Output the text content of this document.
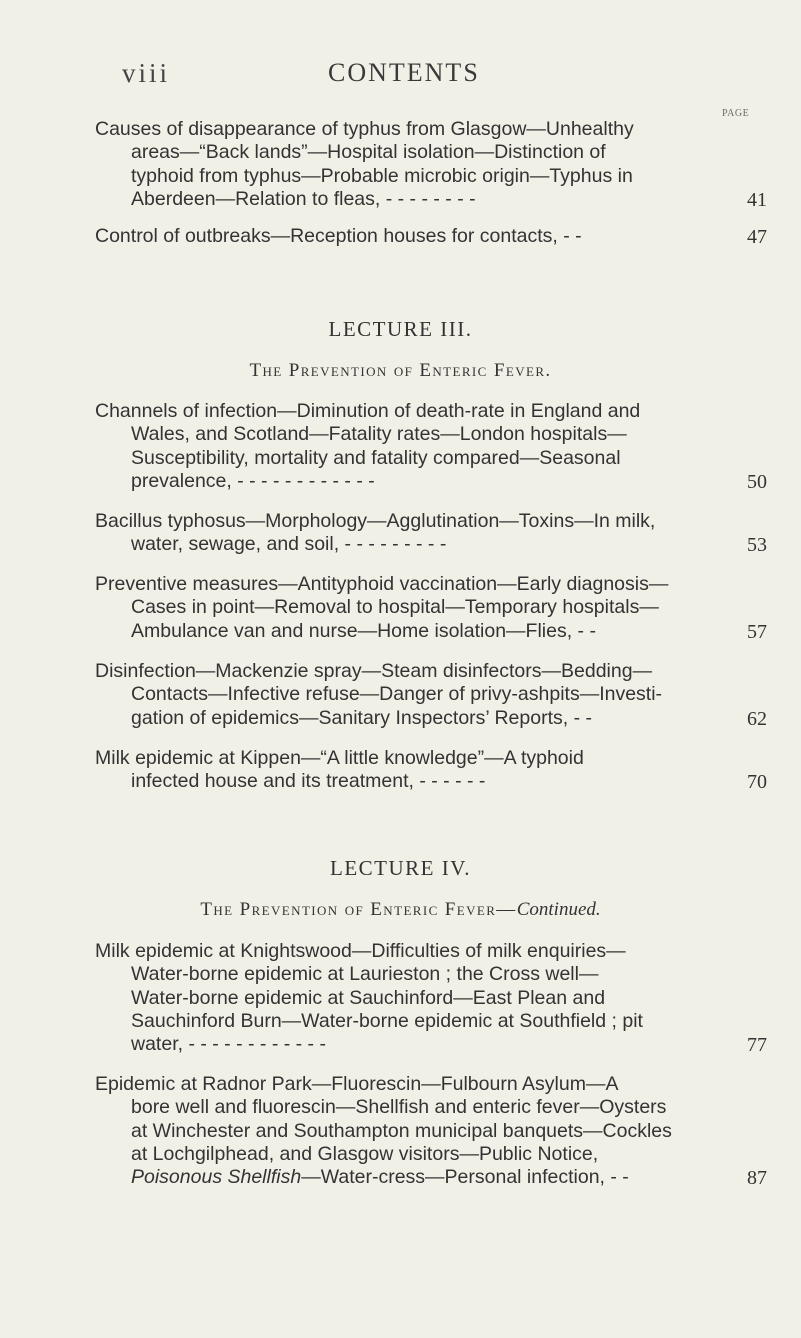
viii	CONTENTS
PAGE
Causes of disappearance of typhus from Glasgow—Unhealthy
areas—“Back lands”—Hospital isolation—Distinction of
typhoid from typhus—Probable microbic origin—Typhus in
Aberdeen—Relation to fleas, - - - - - - - -	41
Control of outbreaks—Reception houses for contacts, - -	47
LECTURE III.
The Prevention of Enteric Fever.
Channels of infection—Diminution of death-rate in England and
Wales, and Scotland—Fatality rates—London hospitals—
Susceptibility, mortality and fatality compared—Seasonal
prevalence, - - - - - - - - - - - -	50
Bacillus typhosus—Morphology—Agglutination—Toxins—In milk,
water, sewage, and soil, - - - - - - - - -	53
Preventive measures—Antityphoid vaccination—Early diagnosis—
Cases in point—Removal to hospital—Temporary hospitals—
Ambulance van and nurse—Home isolation—Flies, - -	57
Disinfection—Mackenzie spray—Steam disinfectors—Bedding—
Contacts—Infective refuse—Danger of privy-ashpits—Investi-
gation of epidemics—Sanitary Inspectors’ Reports, - -	62
Milk epidemic at Kippen—“A little knowledge”—A typhoid
infected house and its treatment, - - - - - -	70
LECTURE IV.
The Prevention of Enteric Fever—Continued.
Milk epidemic at Knightswood—Difficulties of milk enquiries—
Water-borne epidemic at Laurieston ; the Cross well—
Water-borne epidemic at Sauchinford—East Plean and
Sauchinford Burn—Water-borne epidemic at Southfield ; pit
water, - - - - - - - - - - - -	77
Epidemic at Radnor Park—Fluorescin—Fulbourn Asylum—A
bore well and fluorescin—Shellfish and enteric fever—Oysters
at Winchester and Southampton municipal banquets—Cockles
at Lochgilphead, and Glasgow visitors—Public Notice,
Poisonous Shellfish—Water-cress—Personal infection, - -	87
